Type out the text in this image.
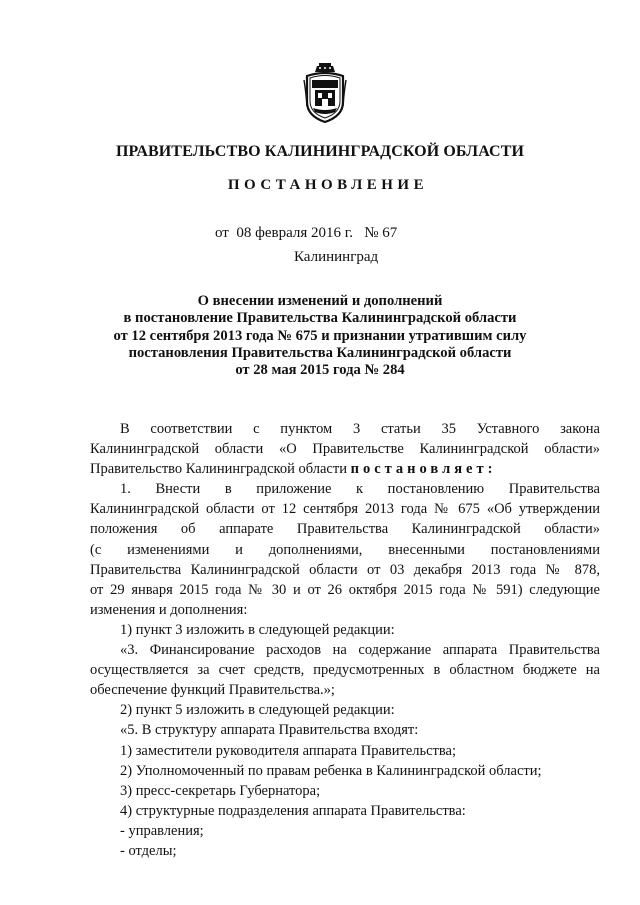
ПРАВИТЕЛЬСТВО КАЛИНИНГРАДСКОЙ ОБЛАСТИ
ПОСТАНОВЛЕНИЕ
от 08 февраля 2016 г. № 67
Калининград
О внесении изменений и дополнений
в постановление Правительства Калининградской области
от 12 сентября 2013 года № 675 и признании утратившим силу
постановления Правительства Калининградской области
от 28 мая 2015 года № 284
В соответствии с пунктом 3 статьи 35 Уставного закона
Калининградской области «О Правительстве Калининградской области»
Правительство Калининградской области постановляет:
1. Внести в приложение к постановлению Правительства
Калининградской области от 12 сентября 2013 года № 675 «Об утверждении
положения об аппарате Правительства Калининградской области»
(с изменениями и дополнениями, внесенными постановлениями
Правительства Калининградской области от 03 декабря 2013 года № 878,
от 29 января 2015 года № 30 и от 26 октября 2015 года № 591) следующие
изменения и дополнения:
1) пункт 3 изложить в следующей редакции:
«3. Финансирование расходов на содержание аппарата Правительства
осуществляется за счет средств, предусмотренных в областном бюджете на
обеспечение функций Правительства.»;
2) пункт 5 изложить в следующей редакции:
«5. В структуру аппарата Правительства входят:
1) заместители руководителя аппарата Правительства;
2) Уполномоченный по правам ребенка в Калининградской области;
3) пресс-секретарь Губернатора;
4) структурные подразделения аппарата Правительства:
- управления;
- отделы;
